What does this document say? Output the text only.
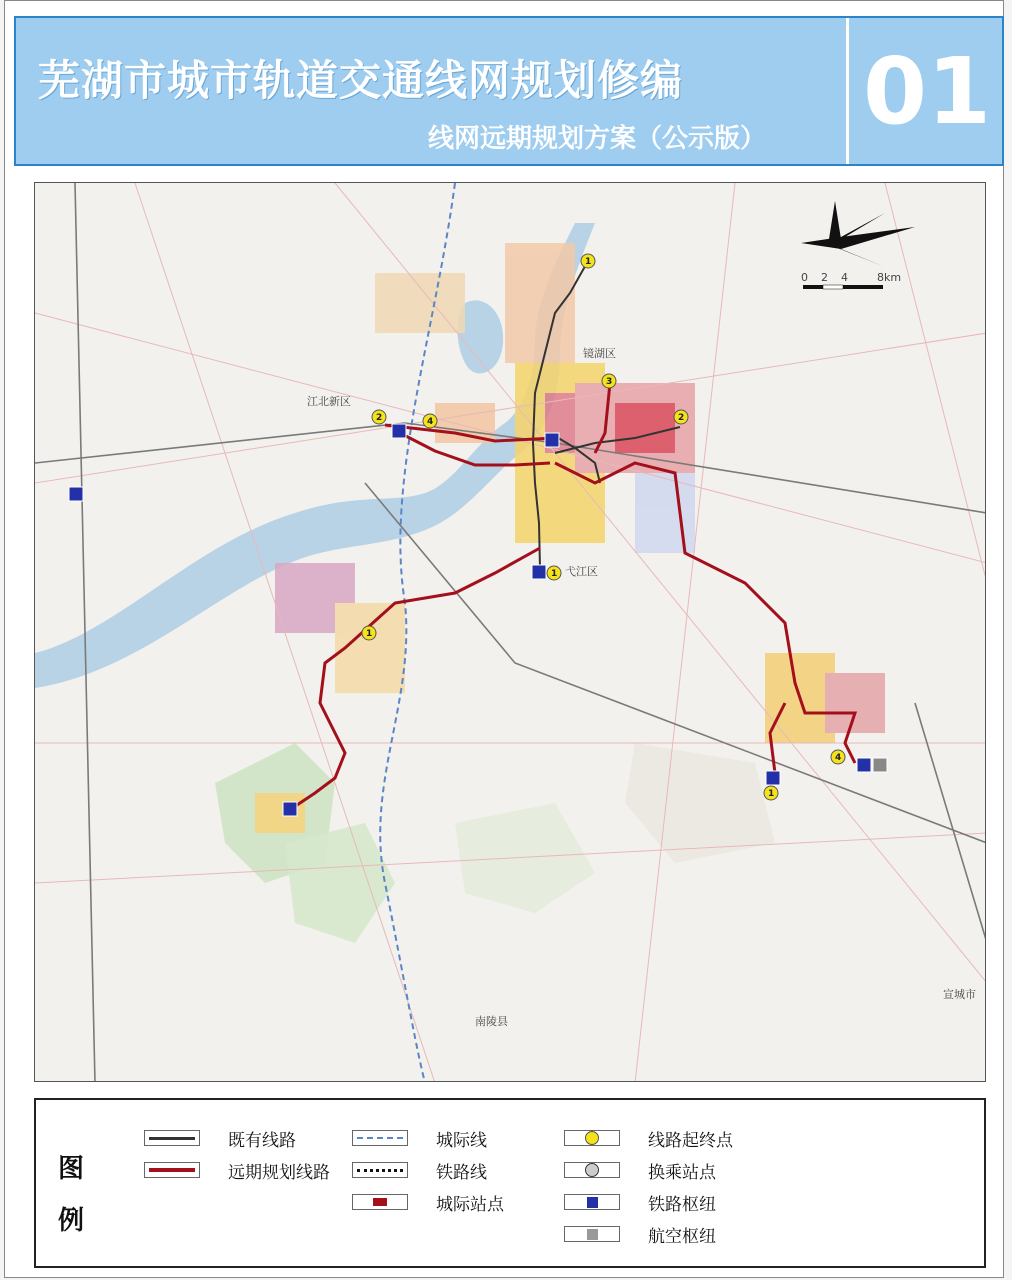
芜湖市城市轨道交通线网规划修编
线网远期规划方案（公示版） 01
1
1
1
2	2
3
4
4
1
江北新区
镜湖区
弋江区
南陵县
宣城市
0 2 4	8km
图
例
既有线路
远期规划线路
城际线
铁路线
城际站点
线路起终点
换乘站点
铁路枢纽
航空枢纽
